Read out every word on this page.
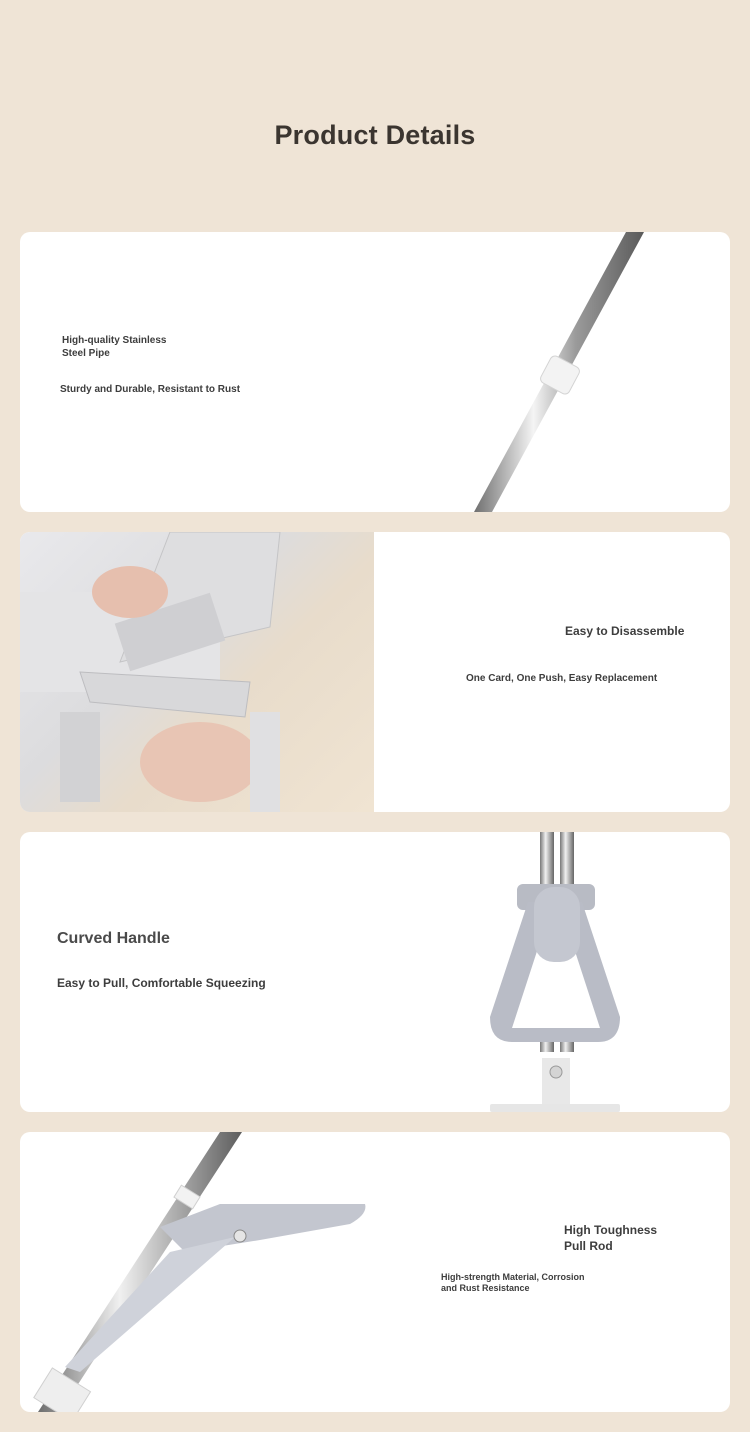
Product Details
High-quality Stainless
Steel Pipe
Sturdy and Durable, Resistant to Rust
Easy to Disassemble
One Card, One Push, Easy Replacement
Curved Handle
Easy to Pull, Comfortable Squeezing
High Toughness
Pull Rod
High-strength Material, Corrosion
and Rust Resistance
